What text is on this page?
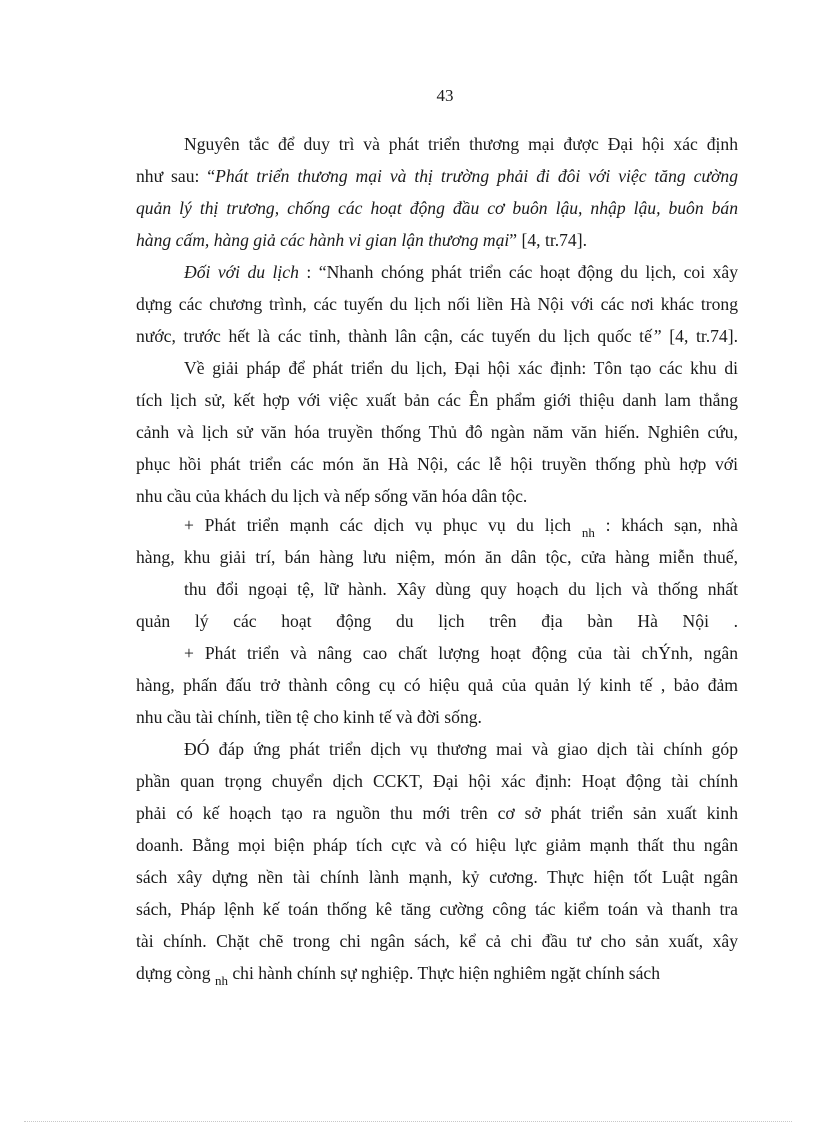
43
Nguyên tắc để duy trì và phát triển thương mại được Đại hội xác định
như sau: “Phát triển thương mại và thị trường phải đi đôi với việc tăng cường
quản lý thị trương, chống các hoạt động đầu cơ buôn lậu, nhập lậu, buôn bán
hàng cấm, hàng giả các hành vi gian lận thương mại” [4, tr.74].
Đối với du lịch : “Nhanh chóng phát triển các hoạt động du lịch, coi xây
dựng các chương trình, các tuyến du lịch nối liền Hà Nội với các nơi khác trong
nước, trước hết là các tỉnh, thành lân cận, các tuyến du lịch quốc tế” [4, tr.74].
Về giải pháp để phát triển du lịch, Đại hội xác định: Tôn tạo các khu di
tích lịch sử, kết hợp với việc xuất bản các Ên phẩm giới thiệu danh lam thắng
cảnh và lịch sử văn hóa truyền thống Thủ đô ngàn năm văn hiến. Nghiên cứu,
phục hồi phát triển các món ăn Hà Nội, các lễ hội truyền thống phù hợp với
nhu cầu của khách du lịch và nếp sống văn hóa dân tộc.
+ Phát triển mạnh các dịch vụ phục vụ du lịch $_{nh}$ : khách sạn, nhà
hàng, khu giải trí, bán hàng lưu niệm, món ăn dân tộc, cửa hàng miễn thuế,
thu đổi ngoại tệ, lữ hành. Xây dùng quy hoạch du lịch và thống nhất
quản lý các hoạt động du lịch trên địa bàn Hà Nội .
+ Phát triển và nâng cao chất lượng hoạt động của tài chÝnh, ngân
hàng, phấn đấu trở thành công cụ có hiệu quả của quản lý kinh tế , bảo đảm
nhu cầu tài chính, tiền tệ cho kinh tế và đời sống.
ĐÓ đáp ứng phát triển dịch vụ thương mai và giao dịch tài chính góp
phần quan trọng chuyển dịch CCKT, Đại hội xác định: Hoạt động tài chính
phải có kế hoạch tạo ra nguồn thu mới trên cơ sở phát triển sản xuất kinh
doanh. Bằng mọi biện pháp tích cực và có hiệu lực giảm mạnh thất thu ngân
sách xây dựng nền tài chính lành mạnh, kỷ cương. Thực hiện tốt Luật ngân
sách, Pháp lệnh kế toán thống kê tăng cường công tác kiểm toán và thanh tra
tài chính. Chặt chẽ trong chi ngân sách, kể cả chi đầu tư cho sản xuất, xây
dựng còng $_{nh}$ chi hành chính sự nghiệp. Thực hiện nghiêm ngặt chính sách
